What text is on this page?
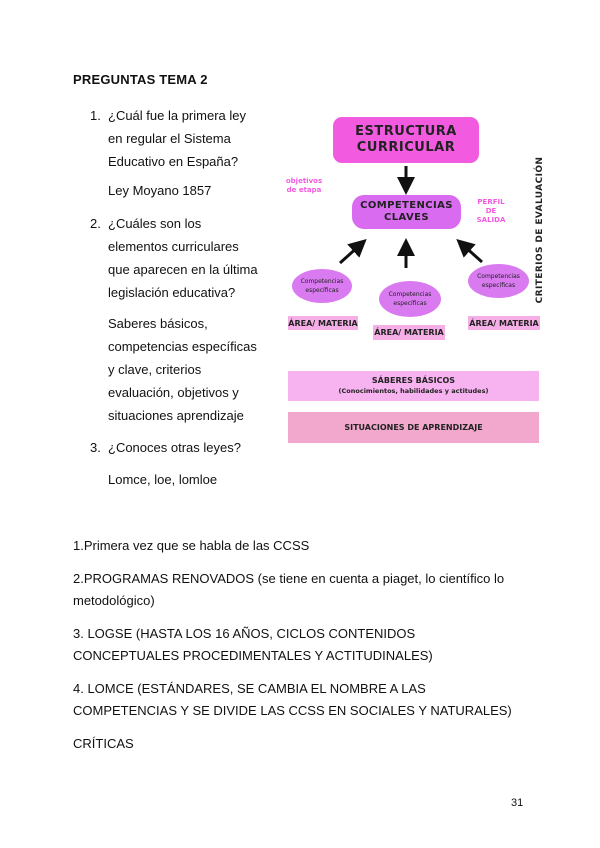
PREGUNTAS TEMA 2
1. ¿Cuál fue la primera ley
en regular el Sistema
Educativo en España?
Ley Moyano 1857
2. ¿Cuáles son los
elementos curriculares
que aparecen en la última
legislación educativa?
Saberes básicos,
competencias específicas
y clave, criterios
evaluación, objetivos y
situaciones aprendizaje
3. ¿Conoces otras leyes?
Lomce, loe, lomloe
ESTRUCTURA
CURRICULAR
objetivos
de etapa
COMPETENCIAS
CLAVES
PERFIL
DE
SALIDA	CRITERIOS DE EVALUACIÓN
Competencias
específicas
Competencias
específicas
Competencias
específicas
ÁREA/ MATERIA
ÁREA/ MATERIA
ÁREA/ MATERIA
SÁBERES BÁSICOS
(Conocimientos, habilidades y actitudes)
SITUACIONES DE APRENDIZAJE
1.Primera vez que se habla de las CCSS
2.PROGRAMAS RENOVADOS (se tiene en cuenta a piaget, lo científico lo
metodológico)
3. LOGSE (HASTA LOS 16 AÑOS, CICLOS CONTENIDOS
CONCEPTUALES PROCEDIMENTALES Y ACTITUDINALES)
4. LOMCE (ESTÁNDARES, SE CAMBIA EL NOMBRE A LAS
COMPETENCIAS Y SE DIVIDE LAS CCSS EN SOCIALES Y NATURALES)
CRÍTICAS
31
